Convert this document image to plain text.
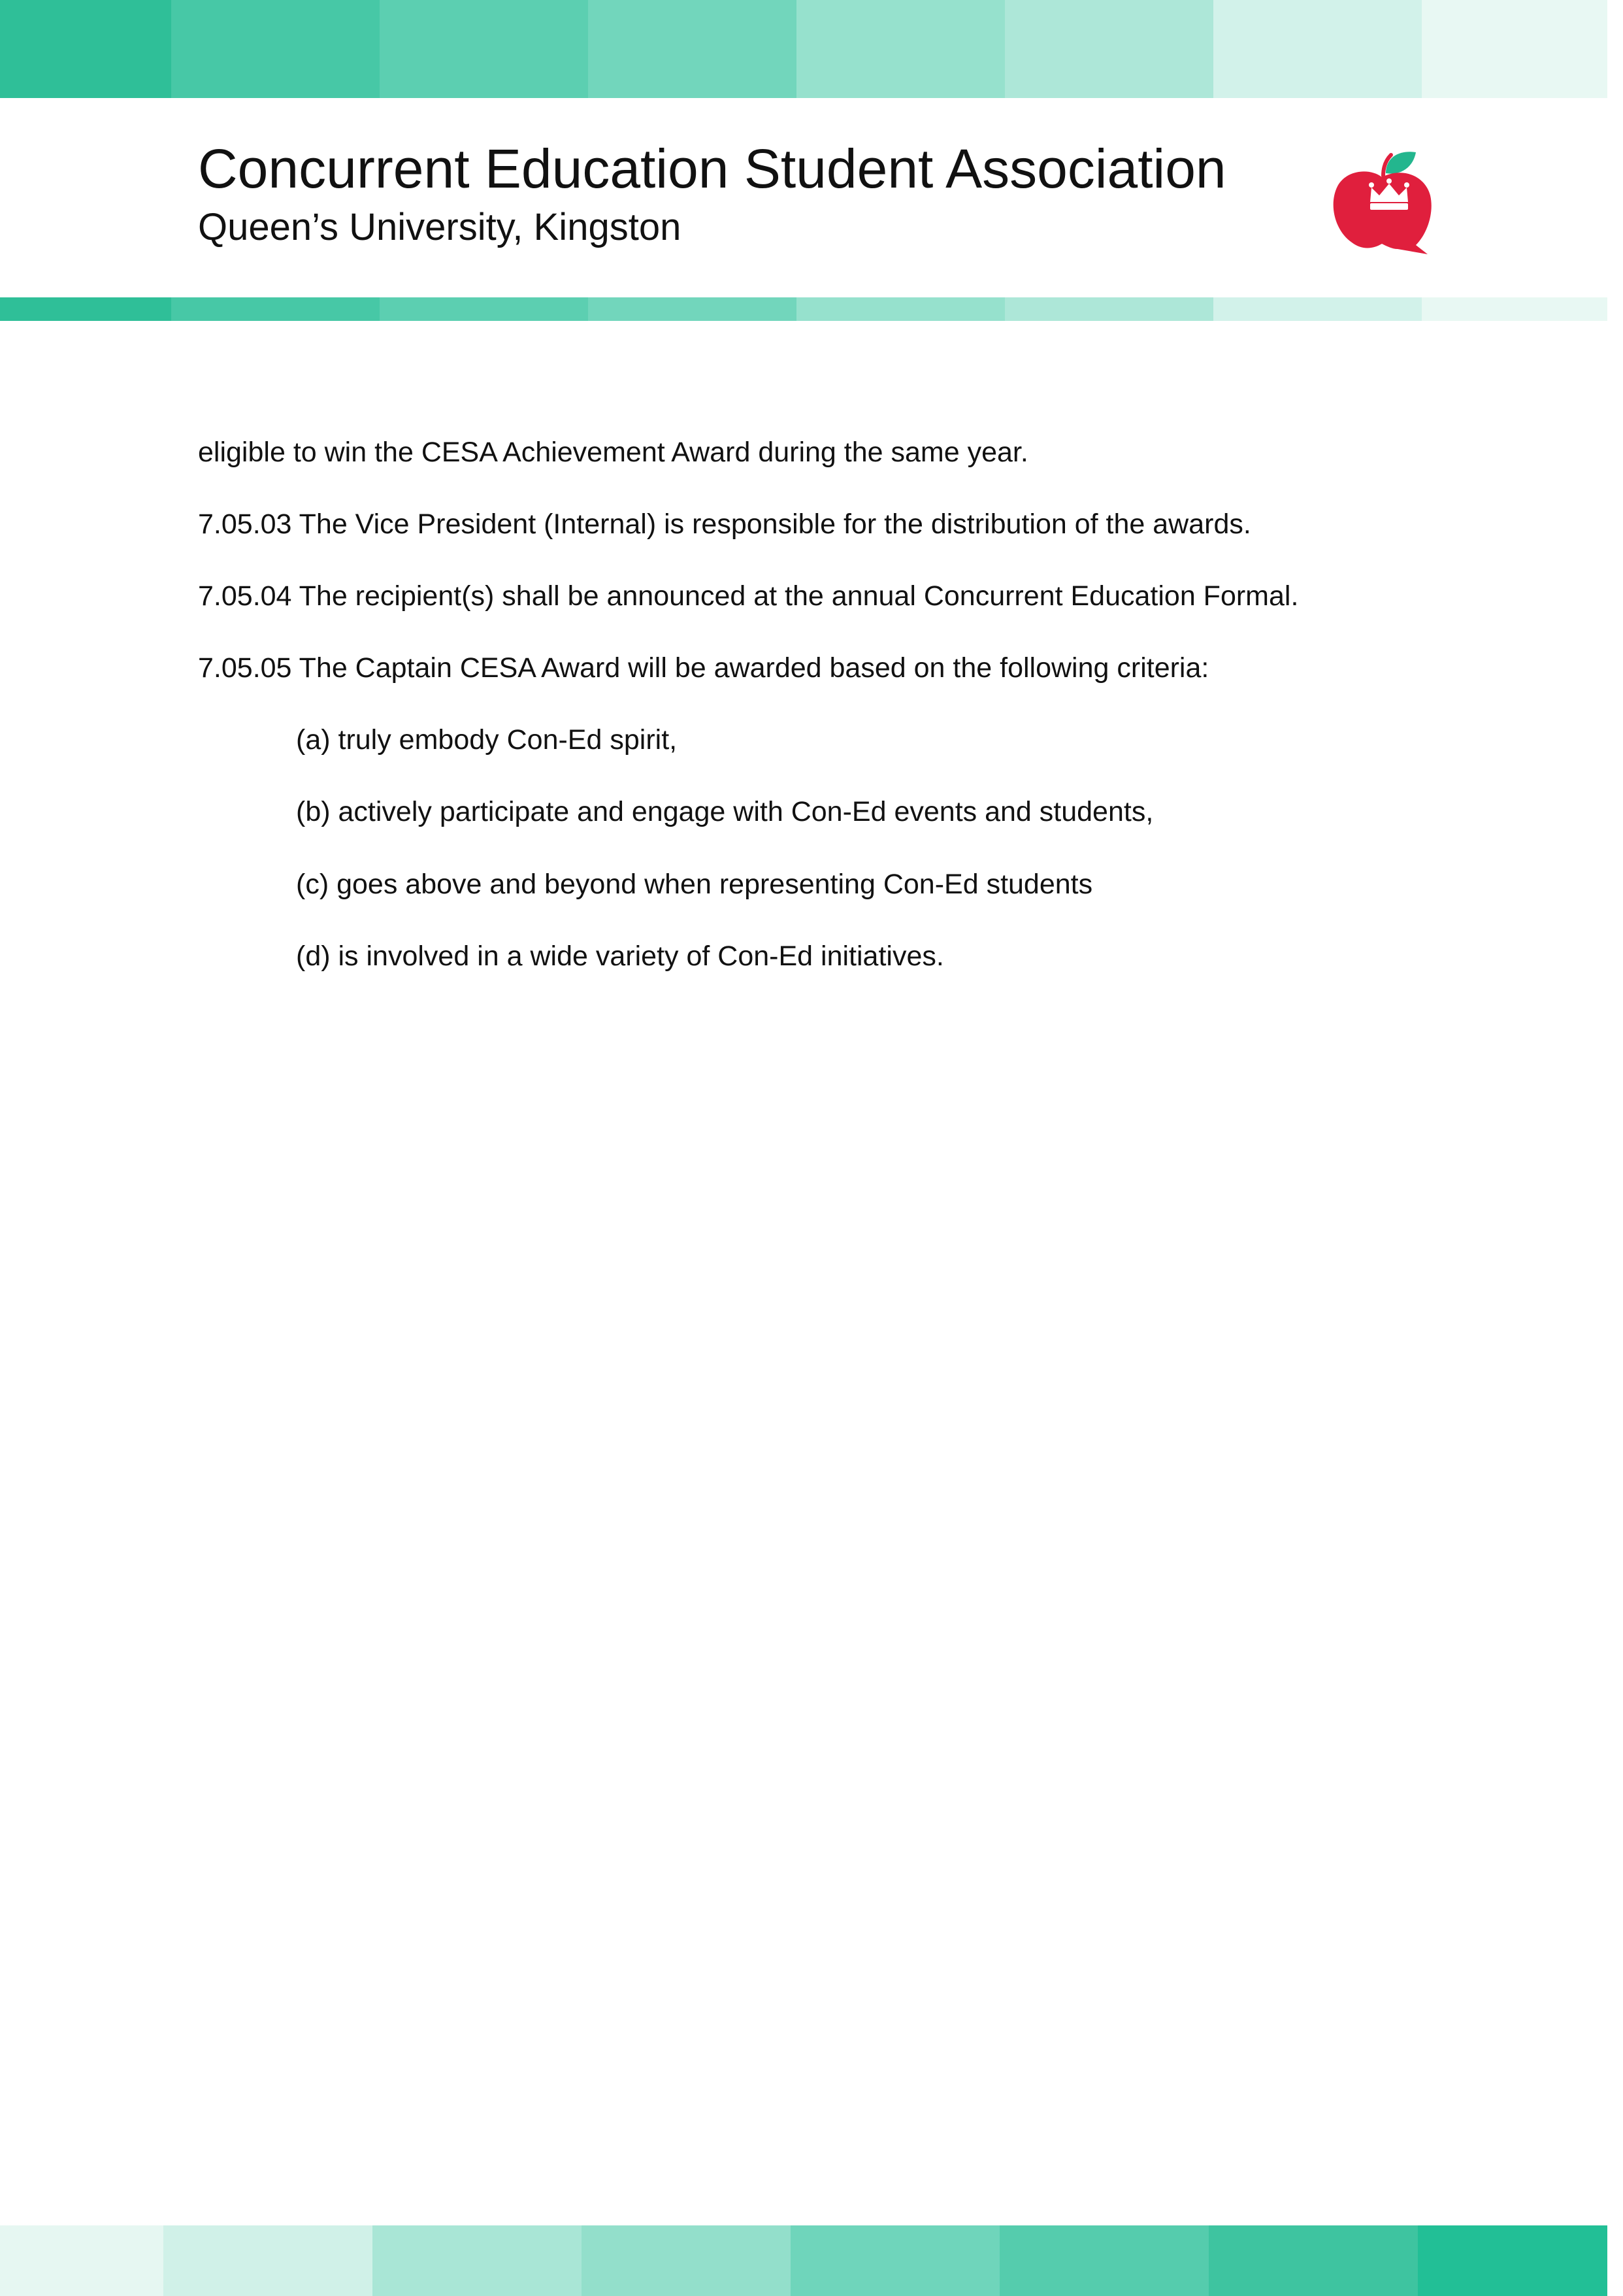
Concurrent Education Student Association
Queen’s University, Kingston
eligible to win the CESA Achievement Award during the same year.
7.05.03 The Vice President (Internal) is responsible for the distribution of the awards.
7.05.04 The recipient(s) shall be announced at the annual Concurrent Education Formal.
7.05.05 The Captain CESA Award will be awarded based on the following criteria:
(a) truly embody Con-Ed spirit,
(b) actively participate and engage with Con-Ed events and students,
(c) goes above and beyond when representing Con-Ed students
(d) is involved in a wide variety of Con-Ed initiatives.
